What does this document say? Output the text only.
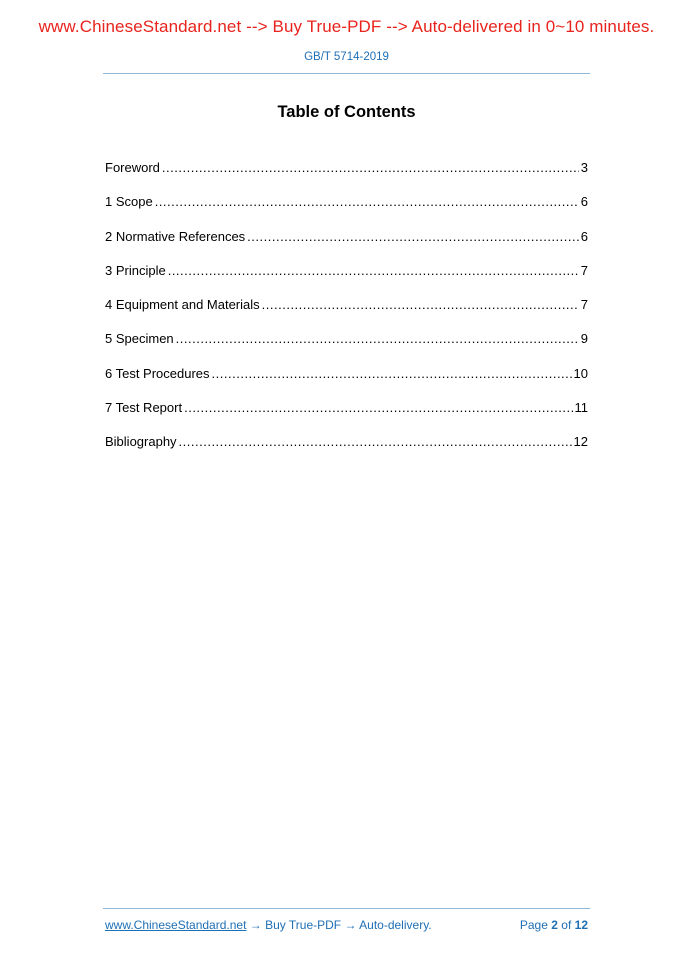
www.ChineseStandard.net --> Buy True-PDF --> Auto-delivered in 0~10 minutes.
GB/T 5714-2019
Table of Contents
Foreword .....	3
1 Scope .....	6
2 Normative References .....	6
3 Principle .....	7
4 Equipment and Materials .....	7
5 Specimen .....	9
6 Test Procedures .....	10
7 Test Report .....	11
Bibliography .....	12
www.ChineseStandard.net → Buy True-PDF → Auto-delivery.	Page 2 of 12
